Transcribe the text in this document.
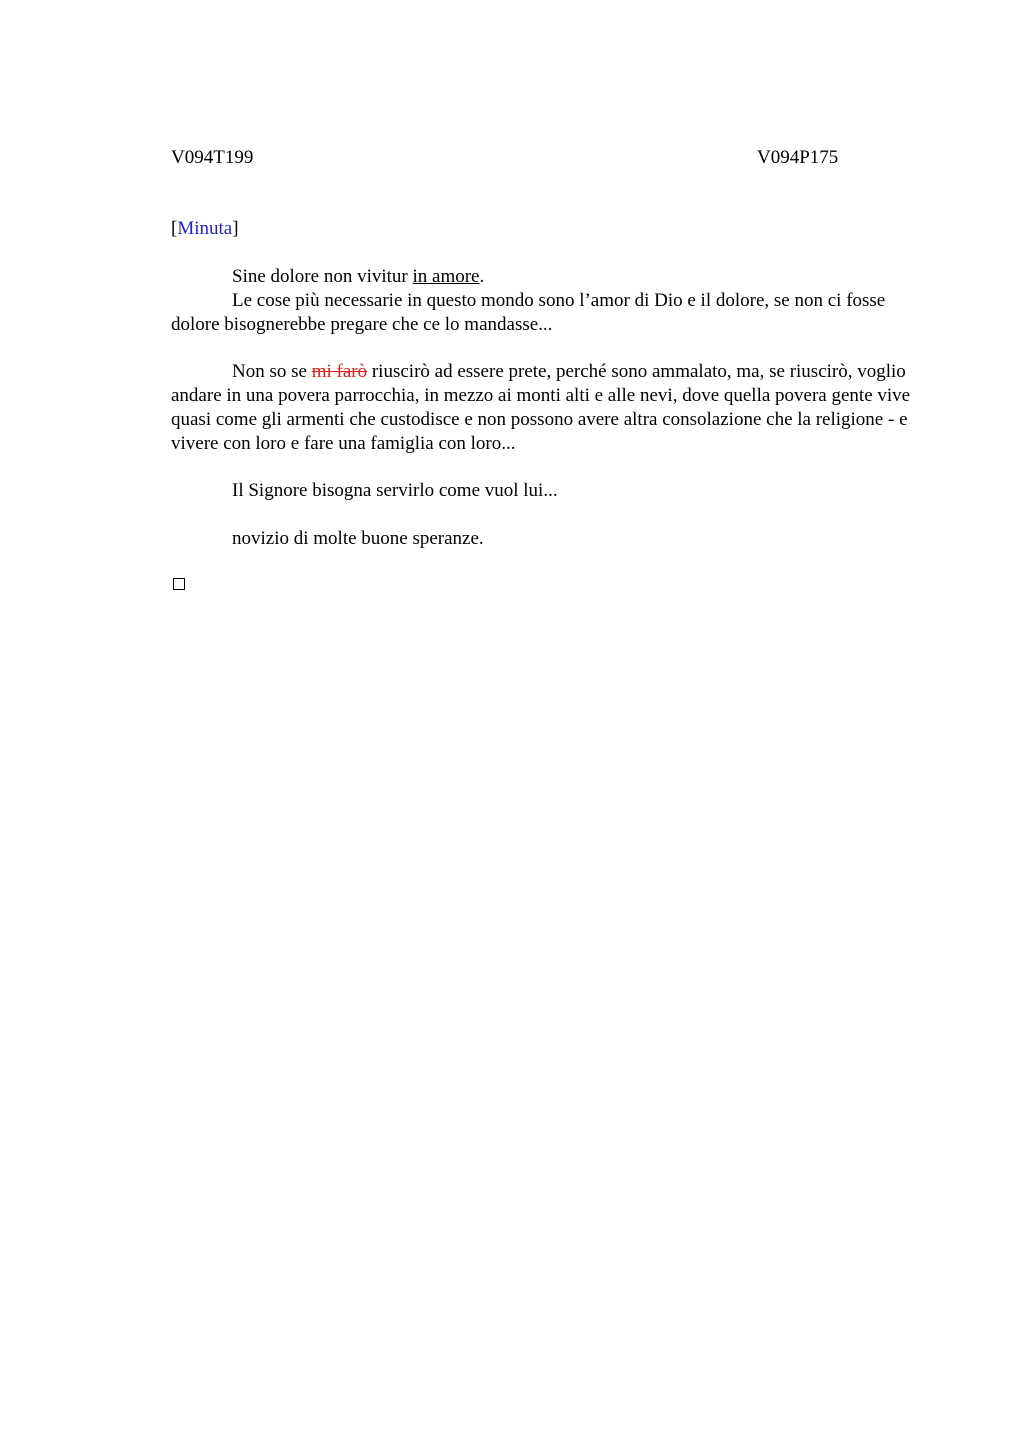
V094T199	V094P175
[Minuta]

Sine dolore non vivitur in amore.

Le cose più necessarie in questo mondo sono l’amor di Dio e il dolore, se non ci fosse dolore bisognerebbe pregare che ce lo mandasse...

Non so se mi farò riuscirò ad essere prete, perché sono ammalato, ma, se riuscirò, voglio andare in una povera parrocchia, in mezzo ai monti alti e alle nevi, dove quella povera gente vive quasi come gli armenti che custodisce e non possono avere altra consolazione che la religione - e vivere con loro e fare una famiglia con loro...

Il Signore bisogna servirlo come vuol lui...

novizio di molte buone speranze.
